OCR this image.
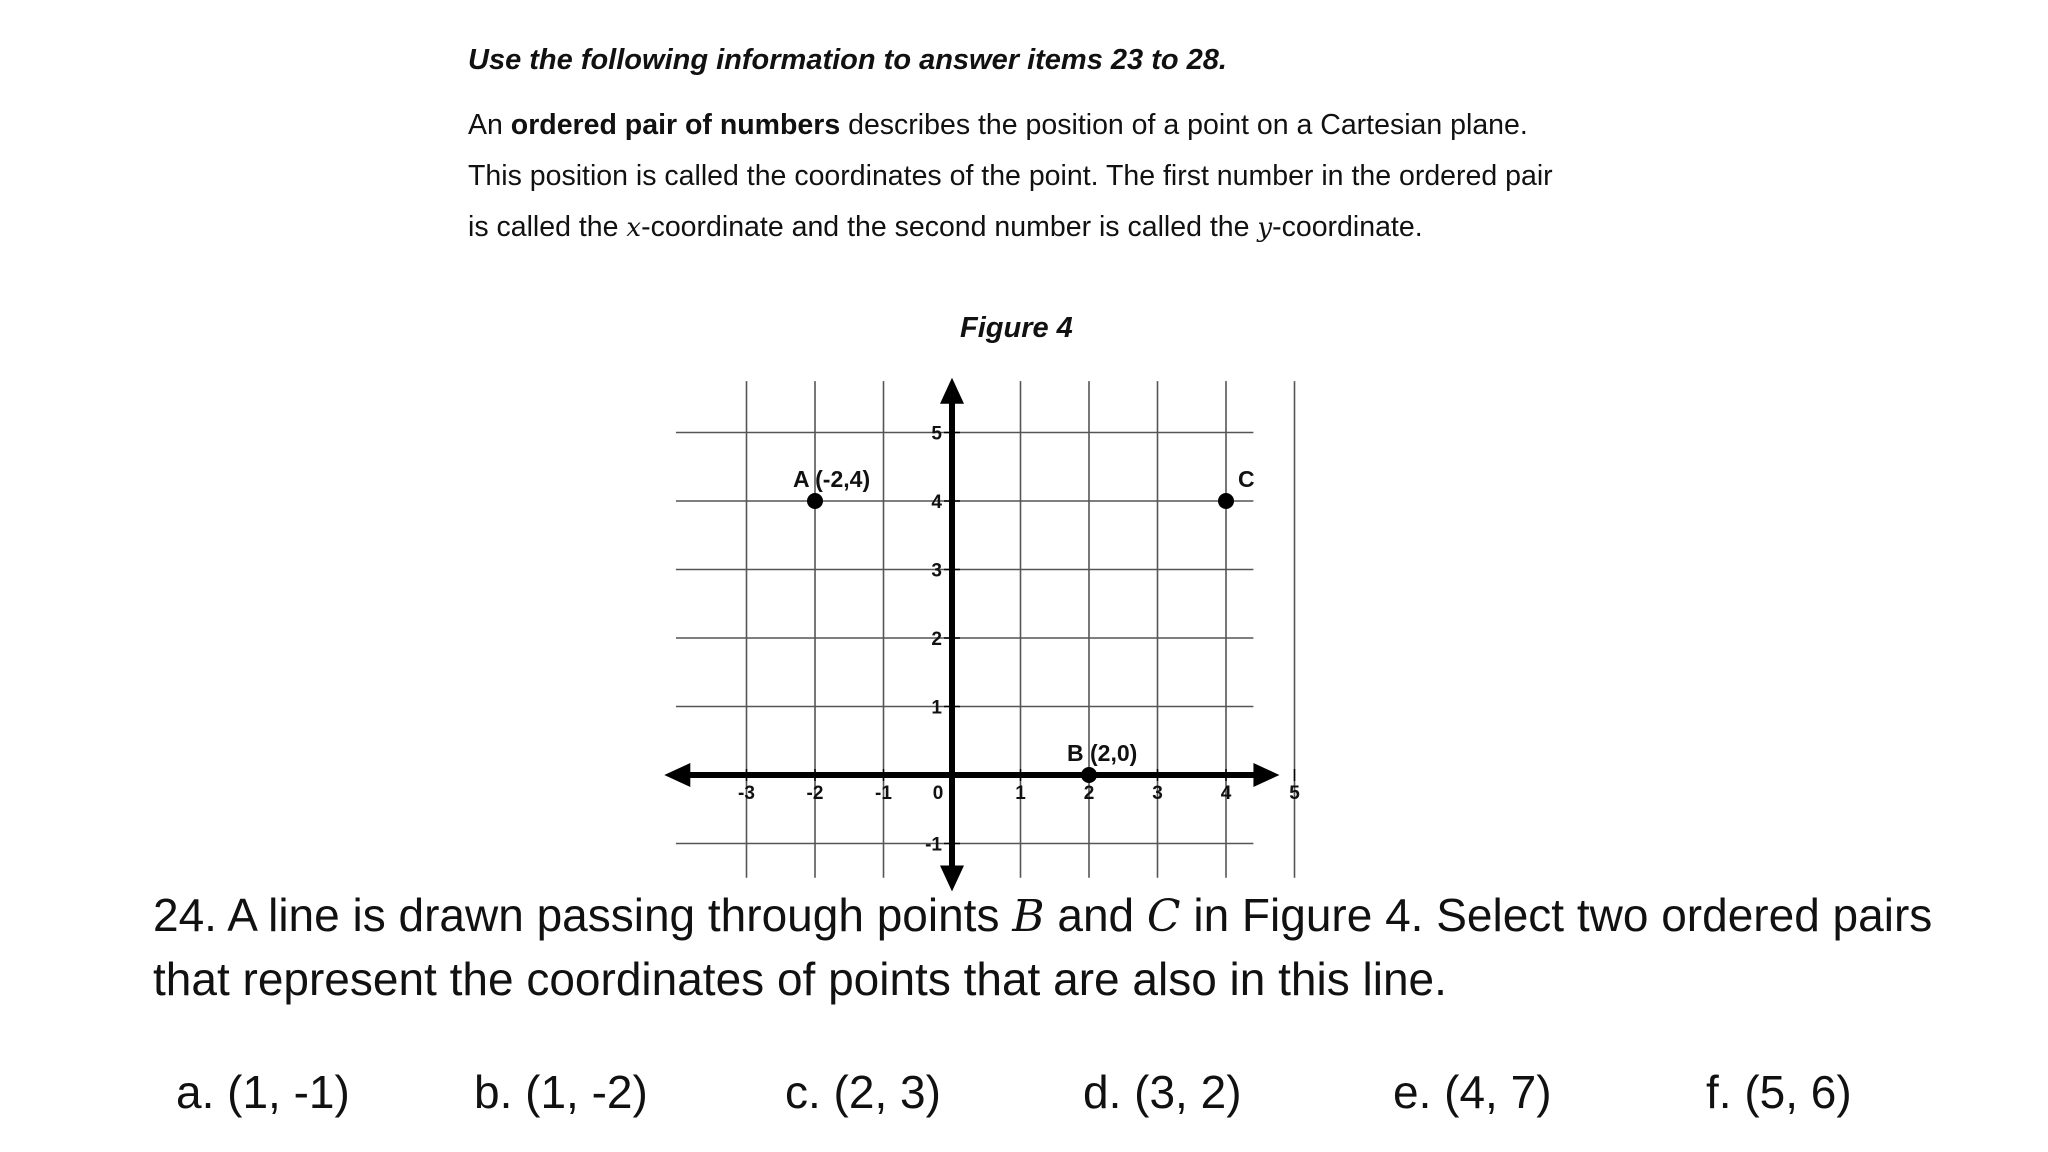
Use the following information to answer items 23 to 28.

An ordered pair of numbers describes the position of a point on a Cartesian plane.
This position is called the coordinates of the point. The first number in the ordered pair
is called the x-coordinate and the second number is called the y-coordinate.

Figure 4
-3	-2	-1 0	1	2	3	4	5
5
4
3
2
1
-1
A (-2,4)
B (2,0)
C
24. A line is drawn passing through points B and C in Figure 4. Select two ordered pairs that represent the coordinates of points that are also in this line.
a. (1, -1)	b. (1, -2)	c. (2, 3)	d. (3, 2)	e. (4, 7)	f. (5, 6)
